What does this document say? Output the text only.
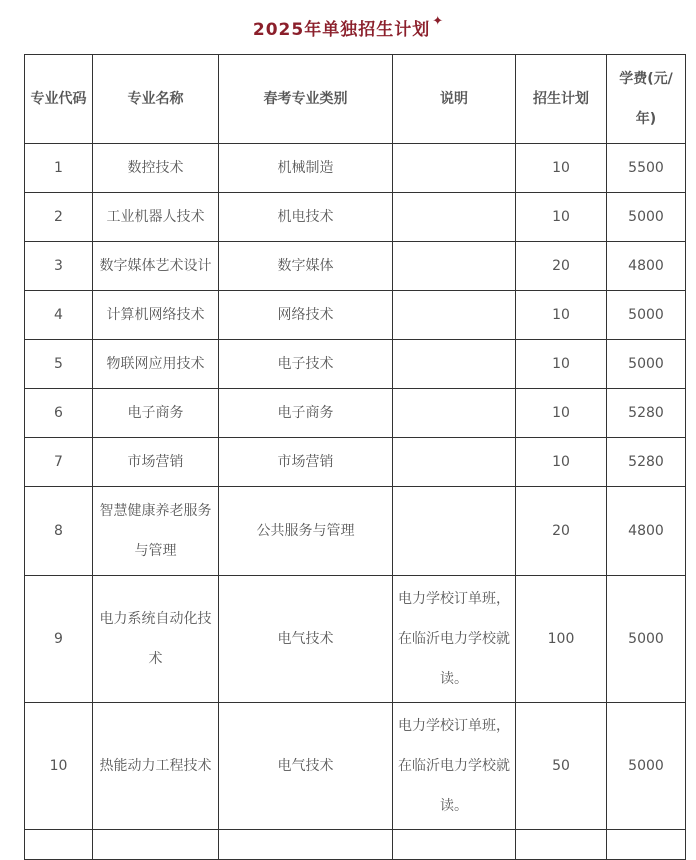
2025年单独招生计划 ✦
专业代码	专业名称	春考专业类别	说明	招生计划	学费(元/年)
1	数控技术	机械制造		10	5500
2	工业机器人技术	机电技术		10	5000
3	数字媒体艺术设计	数字媒体		20	4800
4	计算机网络技术	网络技术		10	5000
5	物联网应用技术	电子技术		10	5000
6	电子商务	电子商务		10	5280
7	市场营销	市场营销		10	5280
8	智慧健康养老服务与管理	公共服务与管理		20	4800
9	电力系统自动化技术	电气技术	电力学校订单班，在临沂电力学校就读。	100	5000
10	热能动力工程技术	电气技术	电力学校订单班，在临沂电力学校就读。	50	5000
